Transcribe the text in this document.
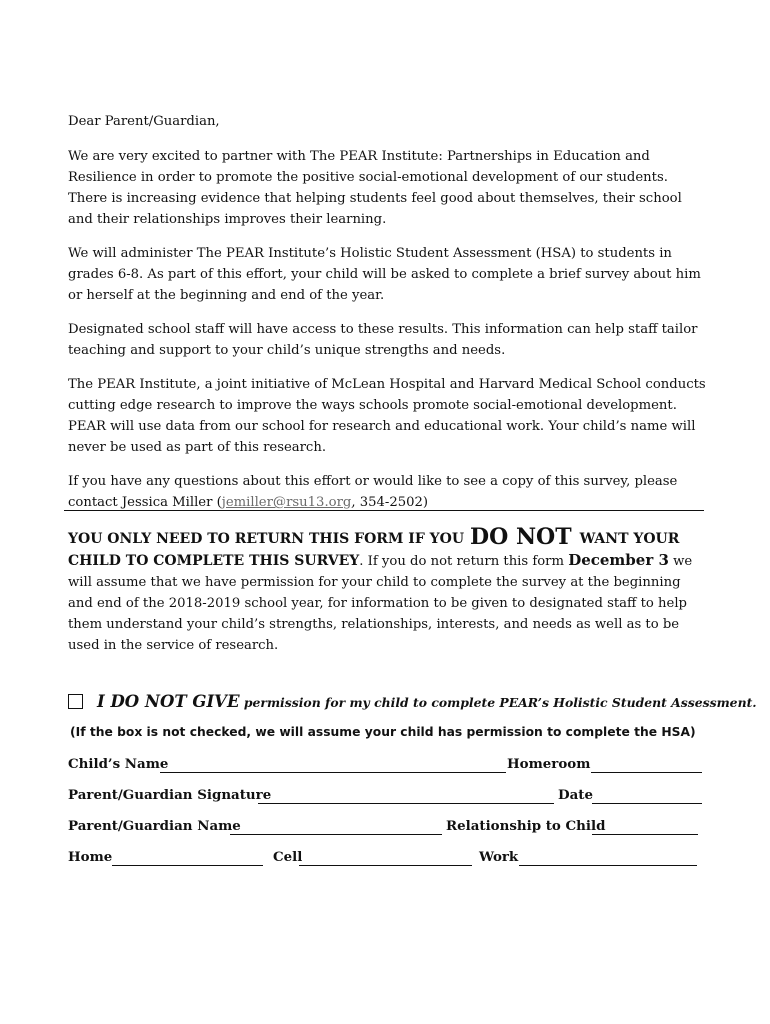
Dear Parent/Guardian,

We are very excited to partner with The PEAR Institute: Partnerships in Education and Resilience in order to promote the positive social-emotional development of our students. There is increasing evidence that helping students feel good about themselves, their school and their relationships improves their learning.

We will administer The PEAR Institute’s Holistic Student Assessment (HSA) to students in grades 6-8. As part of this effort, your child will be asked to complete a brief survey about him or herself at the beginning and end of the year.

Designated school staff will have access to these results. This information can help staff tailor teaching and support to your child’s unique strengths and needs.

The PEAR Institute, a joint initiative of McLean Hospital and Harvard Medical School conducts cutting edge research to improve the ways schools promote social-emotional development. PEAR will use data from our school for research and educational work. Your child’s name will never be used as part of this research.

If you have any questions about this effort or would like to see a copy of this survey, please contact Jessica Miller (jemiller@rsu13.org, 354-2502)

YOU ONLY NEED TO RETURN THIS FORM IF YOU DO NOT WANT YOUR CHILD TO COMPLETE THIS SURVEY. If you do not return this form December 3 we will assume that we have permission for your child to complete the survey at the beginning and end of the 2018-2019 school year, for information to be given to designated staff to help them understand your child’s strengths, relationships, interests, and needs as well as to be used in the service of research.
I DO NOT GIVE permission for my child to complete PEAR’s Holistic Student Assessment.
(If the box is not checked, we will assume your child has permission to complete the HSA)
Child’s Name	Homeroom
Parent/Guardian Signature	Date
Parent/Guardian Name	Relationship to Child
Home	Cell	Work
